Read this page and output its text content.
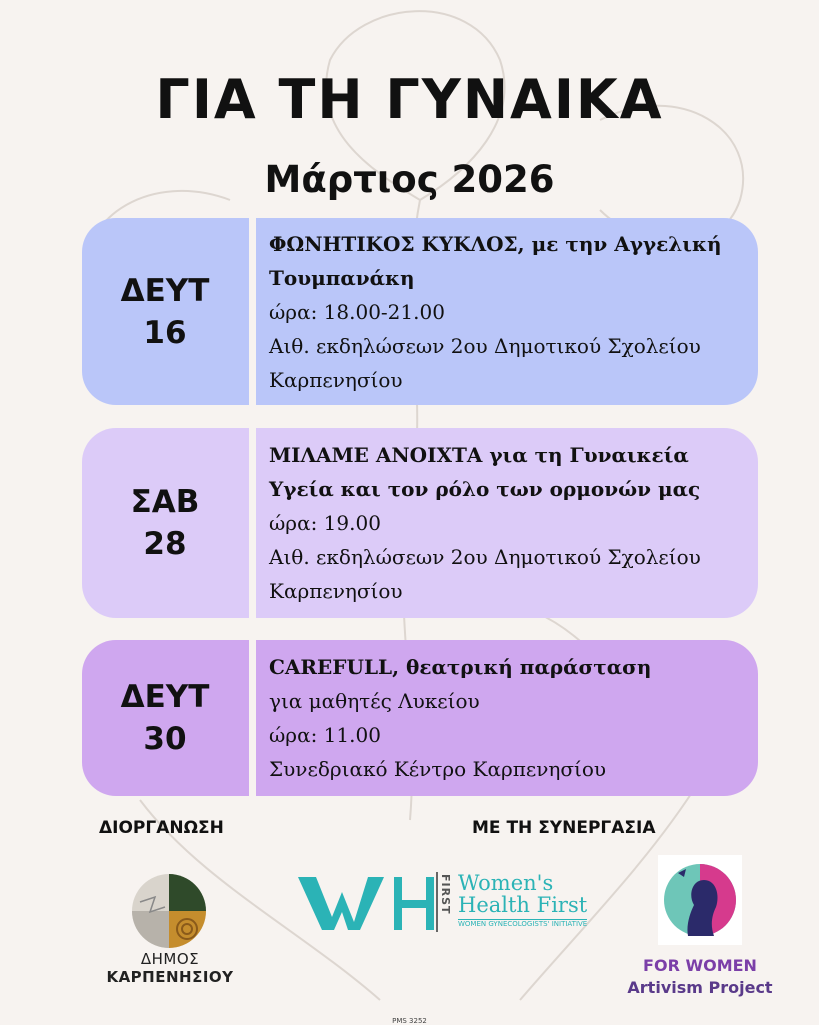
ΓΙΑ ΤΗ ΓΥΝΑΙΚΑ
Μάρτιος 2026
ΔΕΥΤ
16
ΦΩΝΗΤΙΚΟΣ ΚΥΚΛΟΣ, με την Αγγελική
Τουμπανάκη
ώρα: 18.00-21.00
Αιθ. εκδηλώσεων 2ου Δημοτικού Σχολείου
Καρπενησίου
ΣΑΒ
28
ΜΙΛΑΜΕ ΑΝΟΙΧΤΑ για τη Γυναικεία
Υγεία και τον ρόλο των ορμονών μας
ώρα: 19.00
Αιθ. εκδηλώσεων 2ου Δημοτικού Σχολείου
Καρπενησίου
ΔΕΥΤ
30
CAREFULL, θεατρική παράσταση
για μαθητές Λυκείου
ώρα: 11.00
Συνεδριακό Κέντρο Καρπενησίου
ΔΙΟΡΓΑΝΩΣΗ	ΜΕ ΤΗ ΣΥΝΕΡΓΑΣΙΑ
ΔΗΜΟΣ ΚΑΡΠΕΝΗΣΙΟΥ
FIRST Women's
Health First
WOMEN GYNECOLOGISTS' INITIATIVE
FOR WOMEN
Artivism Project
PMS 3252
